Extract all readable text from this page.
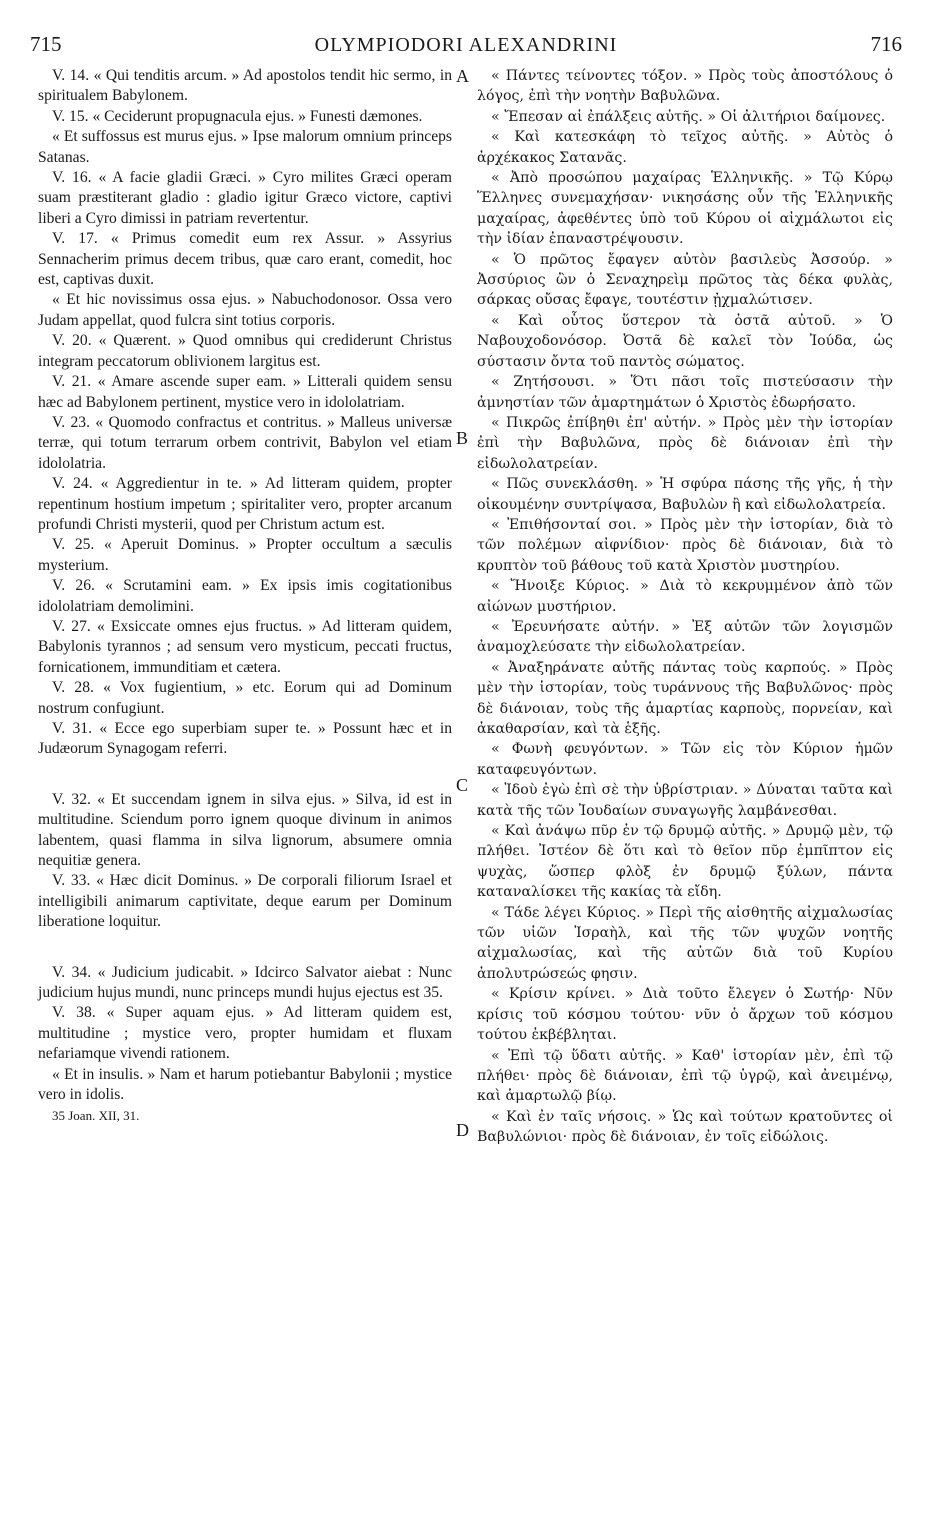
715	OLYMPIODORI ALEXANDRINI	716
A
B
C
D

V. 14. « Qui tenditis arcum. » Ad apostolos tendit hic sermo, in spiritualem Babylonem.

V. 15. « Ceciderunt propugnacula ejus. » Funesti dæmones.

« Et suffossus est murus ejus. » Ipse malorum omnium princeps Satanas.

V. 16. « A facie gladii Græci. » Cyro milites Græci operam suam præstiterant gladio : gladio igitur Græco victore, captivi liberi a Cyro dimissi in patriam revertentur.

V. 17. « Primus comedit eum rex Assur. » Assyrius Sennacherim primus decem tribus, quæ caro erant, comedit, hoc est, captivas duxit.

« Et hic novissimus ossa ejus. » Nabuchodonosor. Ossa vero Judam appellat, quod fulcra sint totius corporis.

V. 20. « Quærent. » Quod omnibus qui crediderunt Christus integram peccatorum oblivionem largitus est.

V. 21. « Amare ascende super eam. » Litterali quidem sensu hæc ad Babylonem pertinent, mystice vero in idololatriam.

V. 23. « Quomodo confractus et contritus. » Malleus universæ terræ, qui totum terrarum orbem contrivit, Babylon vel etiam idololatria.

V. 24. « Aggredientur in te. » Ad litteram quidem, propter repentinum hostium impetum ; spiritaliter vero, propter arcanum profundi Christi mysterii, quod per Christum actum est.

V. 25. « Aperuit Dominus. » Propter occultum a sæculis mysterium.

V. 26. « Scrutamini eam. » Ex ipsis imis cogitationibus idololatriam demolimini.

V. 27. « Exsiccate omnes ejus fructus. » Ad litteram quidem, Babylonis tyrannos ; ad sensum vero mysticum, peccati fructus, fornicationem, immunditiam et cætera.

V. 28. « Vox fugientium, » etc. Eorum qui ad Dominum nostrum confugiunt.

V. 31. « Ecce ego superbiam super te. » Possunt hæc et in Judæorum Synagogam referri.

V. 32. « Et succendam ignem in silva ejus. » Silva, id est in multitudine. Sciendum porro ignem quoque divinum in animos labentem, quasi flamma in silva lignorum, absumere omnia nequitiæ genera.

V. 33. « Hæc dicit Dominus. » De corporali filiorum Israel et intelligibili animarum captivitate, deque earum per Dominum liberatione loquitur.

V. 34. « Judicium judicabit. » Idcirco Salvator aiebat : Nunc judicium hujus mundi, nunc princeps mundi hujus ejectus est 35.

V. 38. « Super aquam ejus. » Ad litteram quidem est, multitudine ; mystice vero, propter humidam et fluxam nefariamque vivendi rationem.

« Et in insulis. » Nam et harum potiebantur Babylonii ; mystice vero in idolis.

35 Joan. XII, 31.

« Πάντες τείνοντες τόξον. » Πρὸς τοὺς ἀποστόλους ὁ λόγος, ἐπὶ τὴν νοητὴν Βαβυλῶνα.

« Ἔπεσαν αἱ ἐπάλξεις αὐτῆς. » Οἱ ἀλιτήριοι δαίμονες.

« Καὶ κατεσκάφη τὸ τεῖχος αὐτῆς. » Αὐτὸς ὁ ἀρχέκακος Σατανᾶς.

« Ἀπὸ προσώπου μαχαίρας Ἑλληνικῆς. » Τῷ Κύρῳ Ἕλληνες συνεμαχήσαν· νικησάσης οὖν τῆς Ἑλληνικῆς μαχαίρας, ἀφεθέντες ὑπὸ τοῦ Κύρου οἱ αἰχμάλωτοι εἰς τὴν ἰδίαν ἐπαναστρέψουσιν.

« Ὁ πρῶτος ἔφαγεν αὐτὸν βασιλεὺς Ἀσσούρ. » Ἀσσύριος ὢν ὁ Σεναχηρεὶμ πρῶτος τὰς δέκα φυλὰς, σάρκας οὔσας ἔφαγε, τουτέστιν ᾐχμαλώτισεν.

« Καὶ οὗτος ὕστερον τὰ ὀστᾶ αὐτοῦ. » Ὁ Ναβουχοδονόσορ. Ὀστᾶ δὲ καλεῖ τὸν Ἰούδα, ὡς σύστασιν ὄντα τοῦ παντὸς σώματος.

« Ζητήσουσι. » Ὅτι πᾶσι τοῖς πιστεύσασιν τὴν ἀμνηστίαν τῶν ἁμαρτημάτων ὁ Χριστὸς ἐδωρήσατο.

« Πικρῶς ἐπίβηθι ἐπ' αὐτήν. » Πρὸς μὲν τὴν ἱστορίαν ἐπὶ τὴν Βαβυλῶνα, πρὸς δὲ διάνοιαν ἐπὶ τὴν εἰδωλολατρείαν.

« Πῶς συνεκλάσθη. » Ἡ σφύρα πάσης τῆς γῆς, ἡ τὴν οἰκουμένην συντρίψασα, Βαβυλὼν ἢ καὶ εἰδωλολατρεία.

« Ἐπιθήσονταί σοι. » Πρὸς μὲν τὴν ἱστορίαν, διὰ τὸ τῶν πολέμων αἰφνίδιον· πρὸς δὲ διάνοιαν, διὰ τὸ κρυπτὸν τοῦ βάθους τοῦ κατὰ Χριστὸν μυστηρίου.

« Ἤνοιξε Κύριος. » Διὰ τὸ κεκρυμμένον ἀπὸ τῶν αἰώνων μυστήριον.

« Ἐρευνήσατε αὐτήν. » Ἐξ αὐτῶν τῶν λογισμῶν ἀναμοχλεύσατε τὴν εἰδωλολατρείαν.

« Ἀναξηράνατε αὐτῆς πάντας τοὺς καρπούς. » Πρὸς μὲν τὴν ἱστορίαν, τοὺς τυράννους τῆς Βαβυλῶνος· πρὸς δὲ διάνοιαν, τοὺς τῆς ἁμαρτίας καρποὺς, πορνείαν, καὶ ἀκαθαρσίαν, καὶ τὰ ἑξῆς.

« Φωνὴ φευγόντων. » Τῶν εἰς τὸν Κύριον ἡμῶν καταφευγόντων.

« Ἰδοὺ ἐγὼ ἐπὶ σὲ τὴν ὑβρίστριαν. » Δύναται ταῦτα καὶ κατὰ τῆς τῶν Ἰουδαίων συναγωγῆς λαμβάνεσθαι.

« Καὶ ἀνάψω πῦρ ἐν τῷ δρυμῷ αὐτῆς. » Δρυμῷ μὲν, τῷ πλήθει. Ἰστέον δὲ ὅτι καὶ τὸ θεῖον πῦρ ἐμπῖπτον εἰς ψυχὰς, ὥσπερ φλὸξ ἐν δρυμῷ ξύλων, πάντα καταναλίσκει τῆς κακίας τὰ εἴδη.

« Τάδε λέγει Κύριος. » Περὶ τῆς αἰσθητῆς αἰχμαλωσίας τῶν υἱῶν Ἰσραὴλ, καὶ τῆς τῶν ψυχῶν νοητῆς αἰχμαλωσίας, καὶ τῆς αὐτῶν διὰ τοῦ Κυρίου ἀπολυτρώσεώς φησιν.

« Κρίσιν κρίνει. » Διὰ τοῦτο ἔλεγεν ὁ Σωτήρ· Νῦν κρίσις τοῦ κόσμου τούτου· νῦν ὁ ἄρχων τοῦ κόσμου τούτου ἐκβέβληται.

« Ἐπὶ τῷ ὕδατι αὐτῆς. » Καθ' ἱστορίαν μὲν, ἐπὶ τῷ πλήθει· πρὸς δὲ διάνοιαν, ἐπὶ τῷ ὑγρῷ, καὶ ἀνειμένῳ, καὶ ἁμαρτωλῷ βίῳ.

« Καὶ ἐν ταῖς νήσοις. » Ὡς καὶ τούτων κρατοῦντες οἱ Βαβυλώνιοι· πρὸς δὲ διάνοιαν, ἐν τοῖς εἰδώλοις.
